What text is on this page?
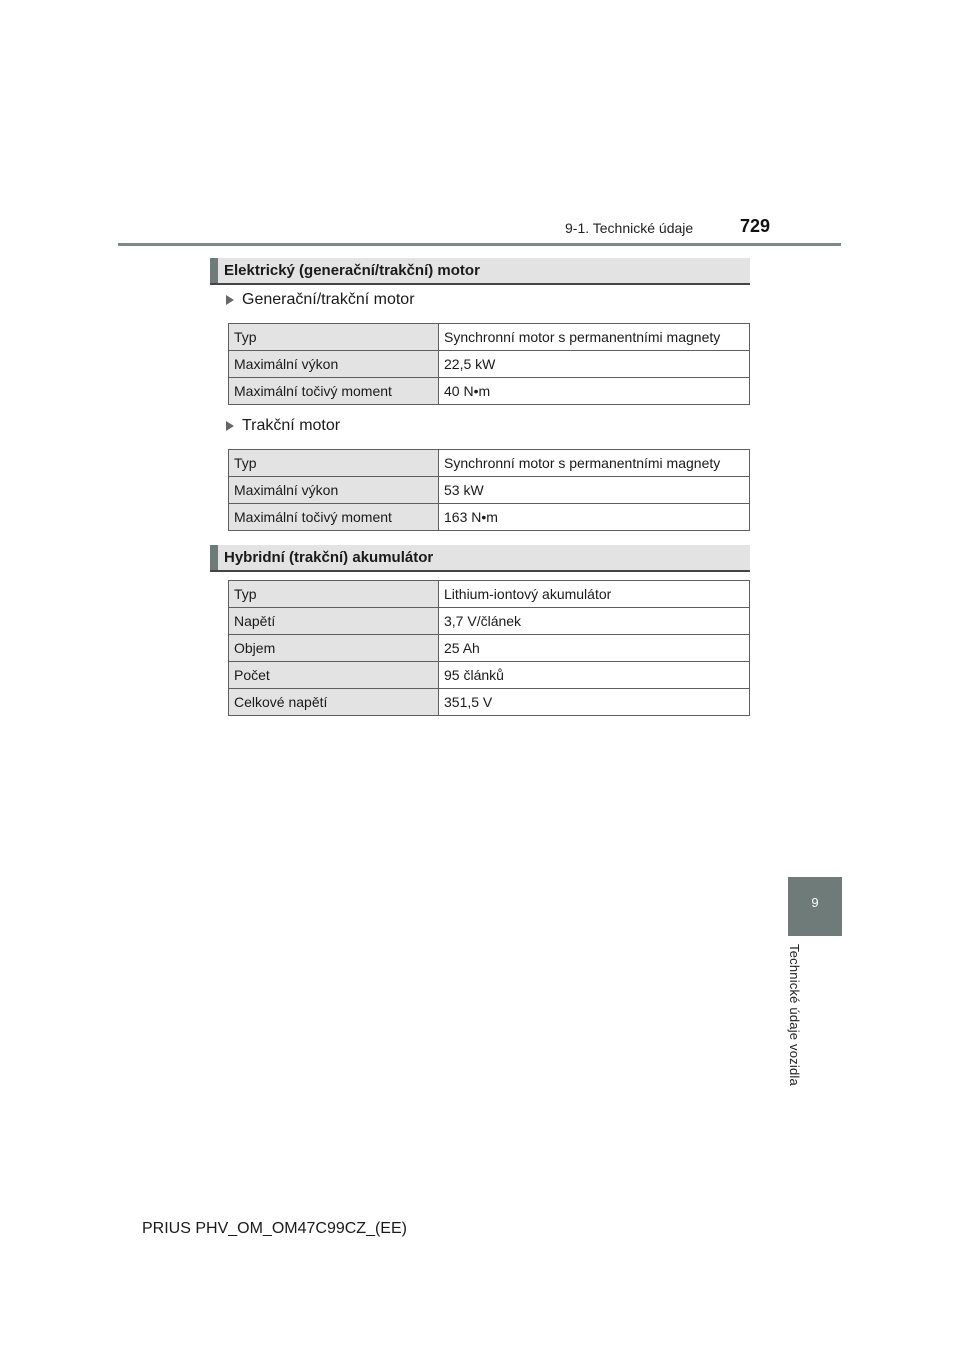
9-1. Technické údaje	729
Elektrický (generační/trakční) motor
Generační/trakční motor
Typ	Synchronní motor s permanentními magnety
Maximální výkon	22,5 kW
Maximální točivý moment	40 N•m
Trakční motor
Typ	Synchronní motor s permanentními magnety
Maximální výkon	53 kW
Maximální točivý moment	163 N•m
Hybridní (trakční) akumulátor
Typ	Lithium-iontový akumulátor
Napětí	3,7 V/článek
Objem	25 Ah
Počet	95 článků
Celkové napětí	351,5 V
9
Technické údaje vozidla
PRIUS PHV_OM_OM47C99CZ_(EE)
